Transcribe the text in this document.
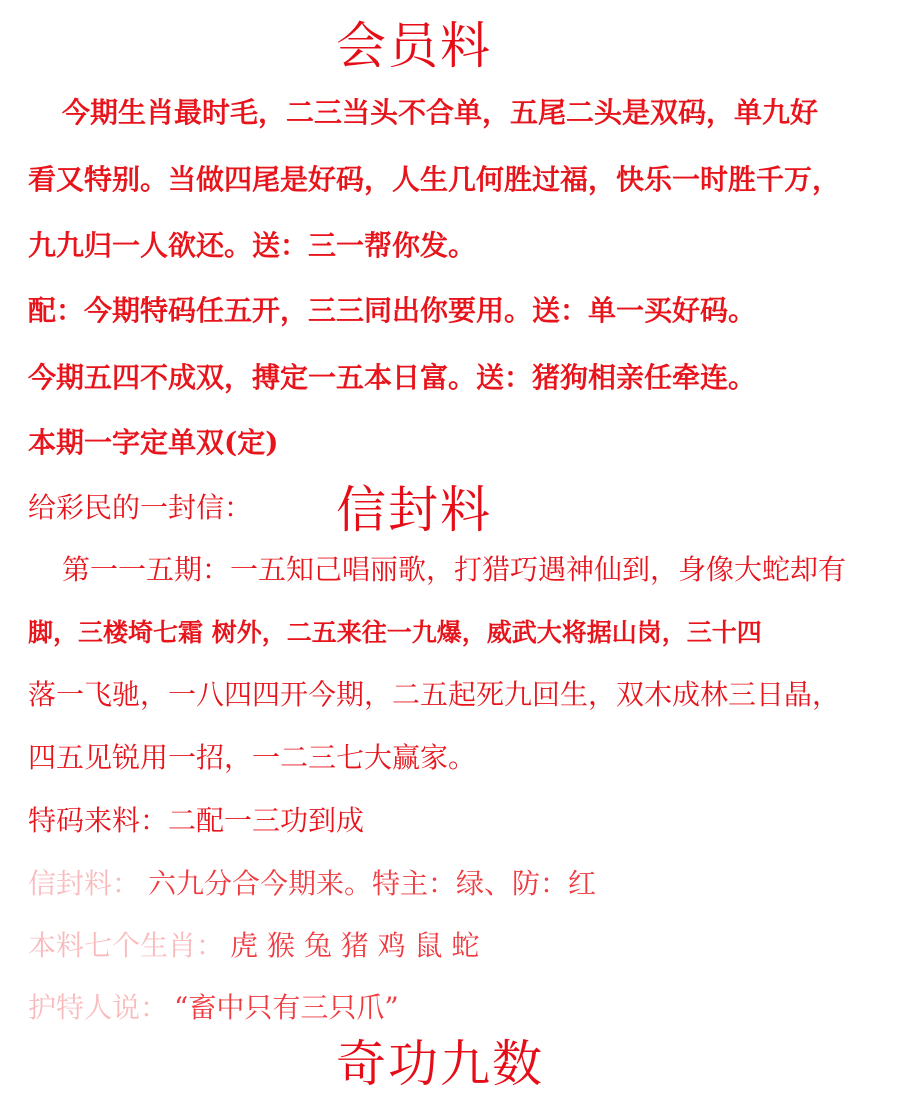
会员料
今期生肖最时毛，二三当头不合单，五尾二头是双码，单九好
看又特别。当做四尾是好码，人生几何胜过福，快乐一时胜千万，
九九归一人欲还。送：三一帮你发。
配：今期特码任五开，三三同出你要用。送：单一买好码。
今期五四不成双，搏定一五本日富。送：猪狗相亲任牵连。
本期一字定单双(定)
给彩民的一封信： 信封料
第一一五期：一五知己唱丽歌，打猎巧遇神仙到，身像大蛇却有
脚，三楼埼七霜 树外，二五来往一九爆，威武大将据山岗，三十四
落一飞驰，一八四四开今期，二五起死九回生，双木成林三日晶，
四五见锐用一招，一二三七大赢家。
特码来料：二配一三功到成
信封料： 六九分合今期来。特主：绿、防：红
本料七个生肖： 虎 猴 兔 猪 鸡 鼠 蛇
护特人说： “畜中只有三只爪”
奇功九数
